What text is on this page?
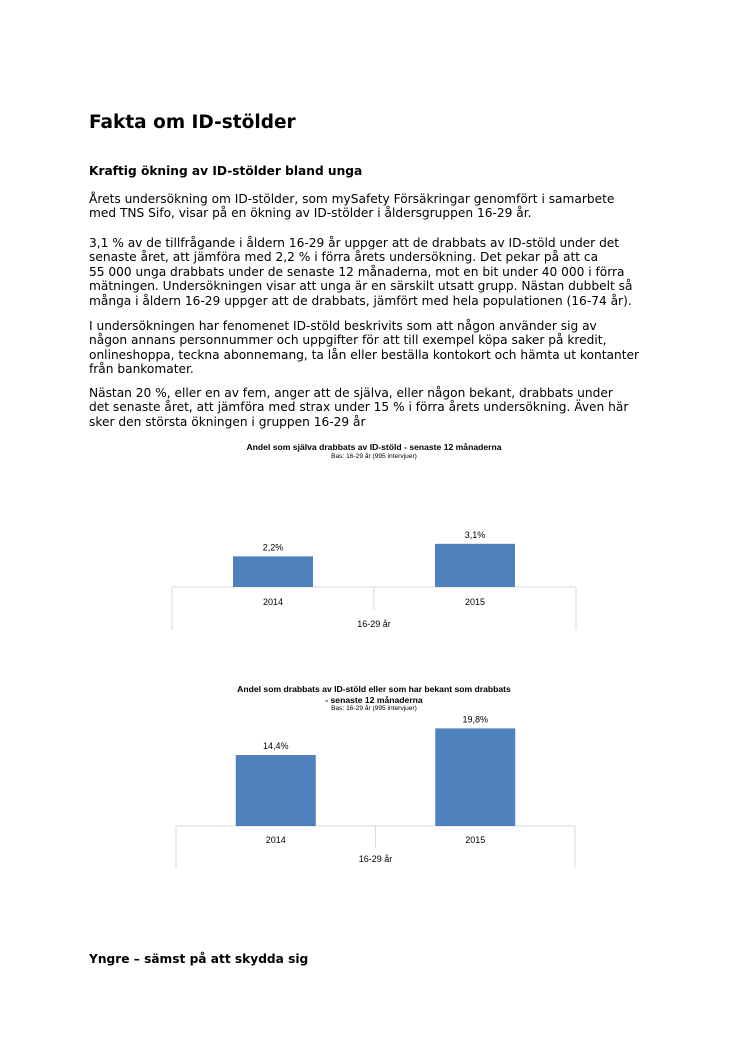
Fakta om ID-stölder
Kraftig ökning av ID-stölder bland unga
Årets undersökning om ID-stölder, som mySafety Försäkringar genomfört i samarbete
med TNS Sifo, visar på en ökning av ID-stölder i åldersgruppen 16-29 år.
3,1 % av de tillfrågande i åldern 16-29 år uppger att de drabbats av ID-stöld under det
senaste året, att jämföra med 2,2 % i förra årets undersökning. Det pekar på att ca
55 000 unga drabbats under de senaste 12 månaderna, mot en bit under 40 000 i förra
mätningen. Undersökningen visar att unga är en särskilt utsatt grupp. Nästan dubbelt så
många i åldern 16-29 uppger att de drabbats, jämfört med hela populationen (16-74 år).
I undersökningen har fenomenet ID-stöld beskrivits som att någon använder sig av
någon annans personnummer och uppgifter för att till exempel köpa saker på kredit,
onlineshoppa, teckna abonnemang, ta lån eller beställa kontokort och hämta ut kontanter
från bankomater.
Nästan 20 %, eller en av fem, anger att de själva, eller någon bekant, drabbats under
det senaste året, att jämföra med strax under 15 % i förra årets undersökning. Även här
sker den största ökningen i gruppen 16-29 år
Andel som själva drabbats av ID-stöld - senaste 12 månaderna
Bas: 16-29 år (995 intervjuer)
2,2%
2014
3,1%
2015
16-29 år
Andel som drabbats av ID-stöld eller som har bekant som drabbats
- senaste 12 månaderna
Bas: 16-29 år (995 intervjuer)
14,4%
2014
19,8%
2015
16-29 år
Yngre – sämst på att skydda sig
